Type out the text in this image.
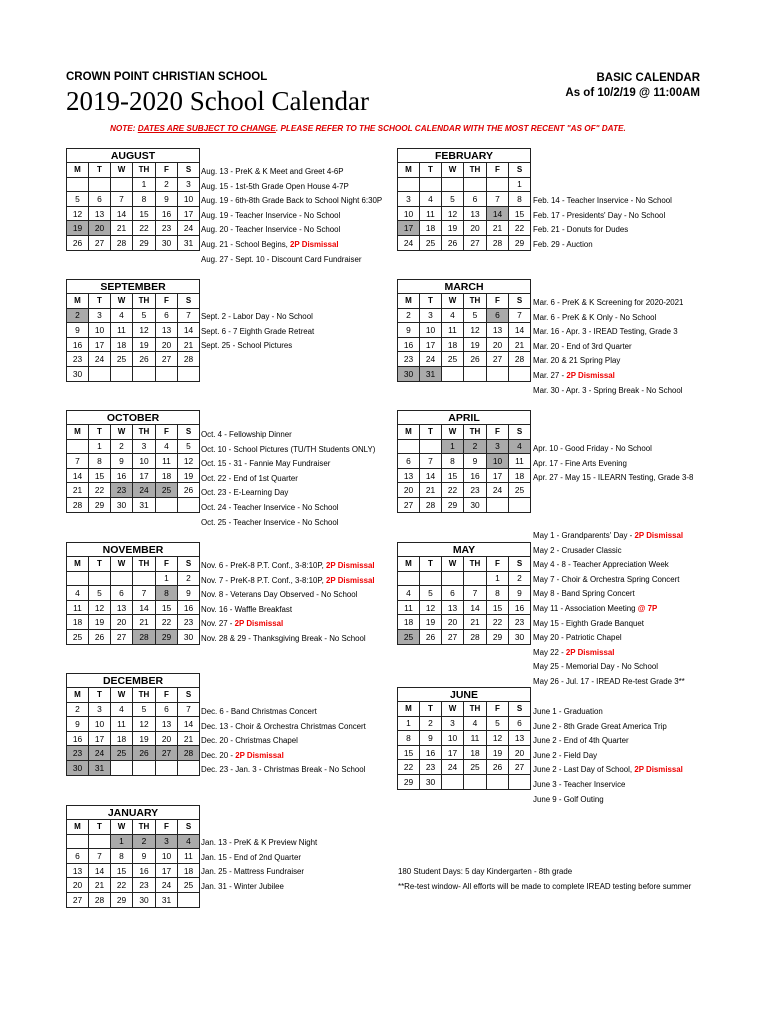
CROWN POINT CHRISTIAN SCHOOL	BASIC CALENDAR
As of 10/2/19 @ 11:00AM
2019-2020 School Calendar
NOTE: DATES ARE SUBJECT TO CHANGE. PLEASE REFER TO THE SCHOOL CALENDAR WITH THE MOST RECENT "AS OF" DATE.
AUGUST					
M	T	W	TH	F	S
			1	2	3
5	6	7	8	9	10
12	13	14	15	16	17
19	20	21	22	23	24
26	27	28	29	30	31
SEPTEMBER					
M	T	W	TH	F	S
2	3	4	5	6	7
9	10	11	12	13	14
16	17	18	19	20	21
23	24	25	26	27	28
30					
OCTOBER					
M	T	W	TH	F	S
	1	2	3	4	5
7	8	9	10	11	12
14	15	16	17	18	19
21	22	23	24	25	26
28	29	30	31		
NOVEMBER					
M	T	W	TH	F	S
				1	2
4	5	6	7	8	9
11	12	13	14	15	16
18	19	20	21	22	23
25	26	27	28	29	30
DECEMBER					
M	T	W	TH	F	S
2	3	4	5	6	7
9	10	11	12	13	14
16	17	18	19	20	21
23	24	25	26	27	28
30	31				
JANUARY					
M	T	W	TH	F	S
		1	2	3	4
6	7	8	9	10	11
13	14	15	16	17	18
20	21	22	23	24	25
27	28	29	30	31	
FEBRUARY					
M	T	W	TH	F	S
					1
3	4	5	6	7	8
10	11	12	13	14	15
17	18	19	20	21	22
24	25	26	27	28	29
MARCH					
M	T	W	TH	F	S
2	3	4	5	6	7
9	10	11	12	13	14
16	17	18	19	20	21
23	24	25	26	27	28
30	31				
APRIL					
M	T	W	TH	F	S
		1	2	3	4
6	7	8	9	10	11
13	14	15	16	17	18
20	21	22	23	24	25
27	28	29	30		
MAY					
M	T	W	TH	F	S
				1	2
4	5	6	7	8	9
11	12	13	14	15	16
18	19	20	21	22	23
25	26	27	28	29	30
JUNE					
M	T	W	TH	F	S
1	2	3	4	5	6
8	9	10	11	12	13
15	16	17	18	19	20
22	23	24	25	26	27
29	30				
Aug. 13 - PreK & K Meet and Greet 4-6P
Aug. 15 - 1st-5th Grade Open House 4-7P
Aug. 19 - 6th-8th Grade Back to School Night 6:30P
Aug. 19 - Teacher Inservice - No School
Aug. 20 - Teacher Inservice - No School
Aug. 21 - School Begins, 2P Dismissal
Aug. 27 - Sept. 10 - Discount Card Fundraiser
Sept. 2 - Labor Day - No School
Sept. 6 - 7 Eighth Grade Retreat
Sept. 25 - School Pictures
Oct. 4 - Fellowship Dinner
Oct. 10 - School Pictures (TU/TH Students ONLY)
Oct. 15 - 31 - Fannie May Fundraiser
Oct. 22 - End of 1st Quarter
Oct. 23 - E-Learning Day
Oct. 24 - Teacher Inservice - No School
Oct. 25 - Teacher Inservice - No School
Nov. 6 - PreK-8 P.T. Conf., 3-8:10P, 2P Dismissal
Nov. 7 - PreK-8 P.T. Conf., 3-8:10P, 2P Dismissal
Nov. 8 - Veterans Day Observed - No School
Nov. 16 - Waffle Breakfast
Nov. 27 - 2P Dismissal
Nov. 28 & 29 - Thanksgiving Break - No School
Dec. 6 - Band Christmas Concert
Dec. 13 - Choir & Orchestra Christmas Concert
Dec. 20 - Christmas Chapel
Dec. 20 - 2P Dismissal
Dec. 23 - Jan. 3 - Christmas Break - No School
Jan. 13 - PreK & K Preview Night
Jan. 15 - End of 2nd Quarter
Jan. 25 - Mattress Fundraiser
Jan. 31 - Winter Jubilee
Feb. 14 - Teacher Inservice - No School
Feb. 17 - Presidents' Day - No School
Feb. 21 - Donuts for Dudes
Feb. 29 - Auction
Mar. 6 - PreK & K Screening for 2020-2021
Mar. 6 - PreK & K Only - No School
Mar. 16 - Apr. 3 - IREAD Testing, Grade 3
Mar. 20 - End of 3rd Quarter
Mar. 20 & 21 Spring Play
Mar. 27 - 2P Dismissal
Mar. 30 - Apr. 3 - Spring Break - No School
Apr. 10 - Good Friday - No School
Apr. 17 - Fine Arts Evening
Apr. 27 - May 15 - ILEARN Testing, Grade 3-8
May 1 - Grandparents' Day - 2P Dismissal
May 2 - Crusader Classic
May 4 - 8 - Teacher Appreciation Week
May 7 - Choir & Orchestra Spring Concert
May 8 - Band Spring Concert
May 11 - Association Meeting @ 7P
May 15 - Eighth Grade Banquet
May 20 - Patriotic Chapel
May 22 - 2P Dismissal
May 25 - Memorial Day - No School
May 26 - Jul. 17 - IREAD Re-test Grade 3**
June 1 - Graduation
June 2 - 8th Grade Great America Trip
June 2 - End of 4th Quarter
June 2 - Field Day
June 2 - Last Day of School, 2P Dismissal
June 3 - Teacher Inservice
June 9 - Golf Outing
180 Student Days: 5 day Kindergarten - 8th grade
**Re-test window- All efforts will be made to complete IREAD testing before summer
